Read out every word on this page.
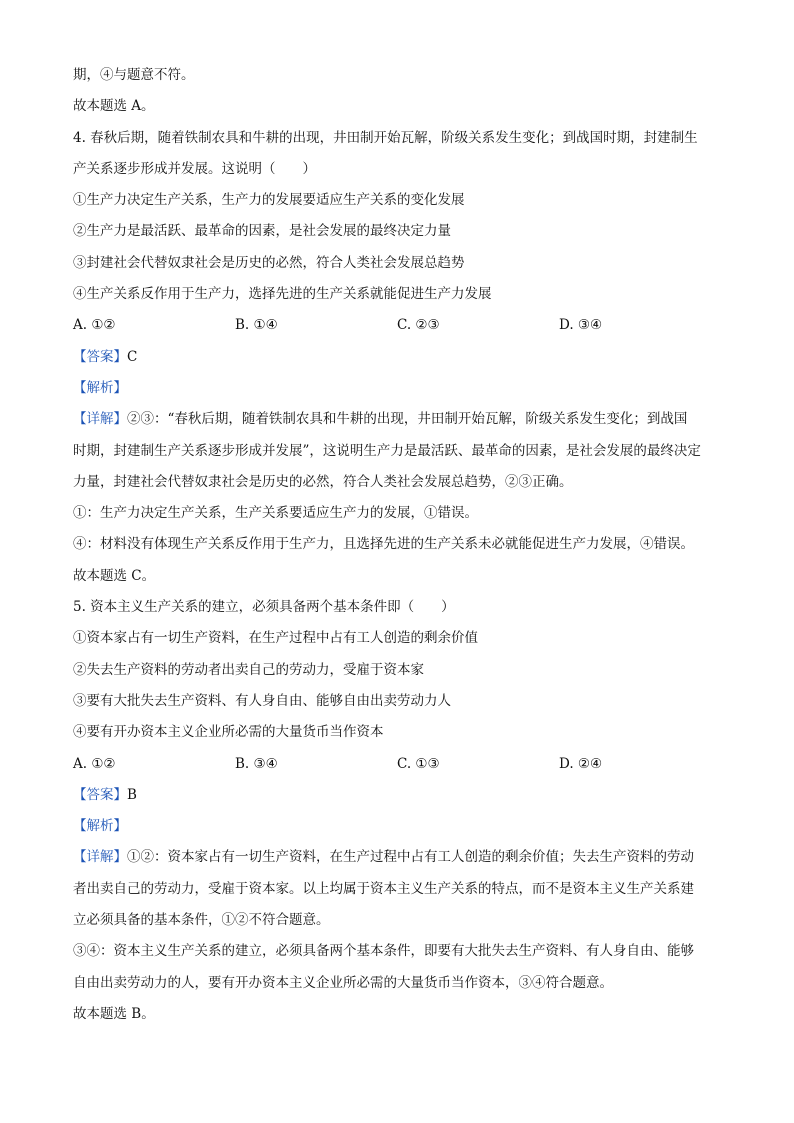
期，④与题意不符。
故本题选 A。
4. 春秋后期，随着铁制农具和牛耕的出现，井田制开始瓦解，阶级关系发生变化；到战国时期，封建制生
产关系逐步形成并发展。这说明（　　）
①生产力决定生产关系，生产力的发展要适应生产关系的变化发展
②生产力是最活跃、最革命的因素，是社会发展的最终决定力量
③封建社会代替奴隶社会是历史的必然，符合人类社会发展总趋势
④生产关系反作用于生产力，选择先进的生产关系就能促进生产力发展
A. ①②	B. ①④	C. ②③	D. ③④
【答案】C
【解析】
【详解】②③：“春秋后期，随着铁制农具和牛耕的出现，井田制开始瓦解，阶级关系发生变化；到战国
时期，封建制生产关系逐步形成并发展”，这说明生产力是最活跃、最革命的因素，是社会发展的最终决定
力量，封建社会代替奴隶社会是历史的必然，符合人类社会发展总趋势，②③正确。
①：生产力决定生产关系，生产关系要适应生产力的发展，①错误。
④：材料没有体现生产关系反作用于生产力，且选择先进的生产关系未必就能促进生产力发展，④错误。
故本题选 C。
5. 资本主义生产关系的建立，必须具备两个基本条件即（　　）
①资本家占有一切生产资料，在生产过程中占有工人创造的剩余价值
②失去生产资料的劳动者出卖自己的劳动力，受雇于资本家
③要有大批失去生产资料、有人身自由、能够自由出卖劳动力人
④要有开办资本主义企业所必需的大量货币当作资本
A. ①②	B. ③④	C. ①③	D. ②④
【答案】B
【解析】
【详解】①②：资本家占有一切生产资料，在生产过程中占有工人创造的剩余价值；失去生产资料的劳动
者出卖自己的劳动力，受雇于资本家。以上均属于资本主义生产关系的特点，而不是资本主义生产关系建
立必须具备的基本条件，①②不符合题意。
③④：资本主义生产关系的建立，必须具备两个基本条件，即要有大批失去生产资料、有人身自由、能够
自由出卖劳动力的人，要有开办资本主义企业所必需的大量货币当作资本，③④符合题意。
故本题选 B。
